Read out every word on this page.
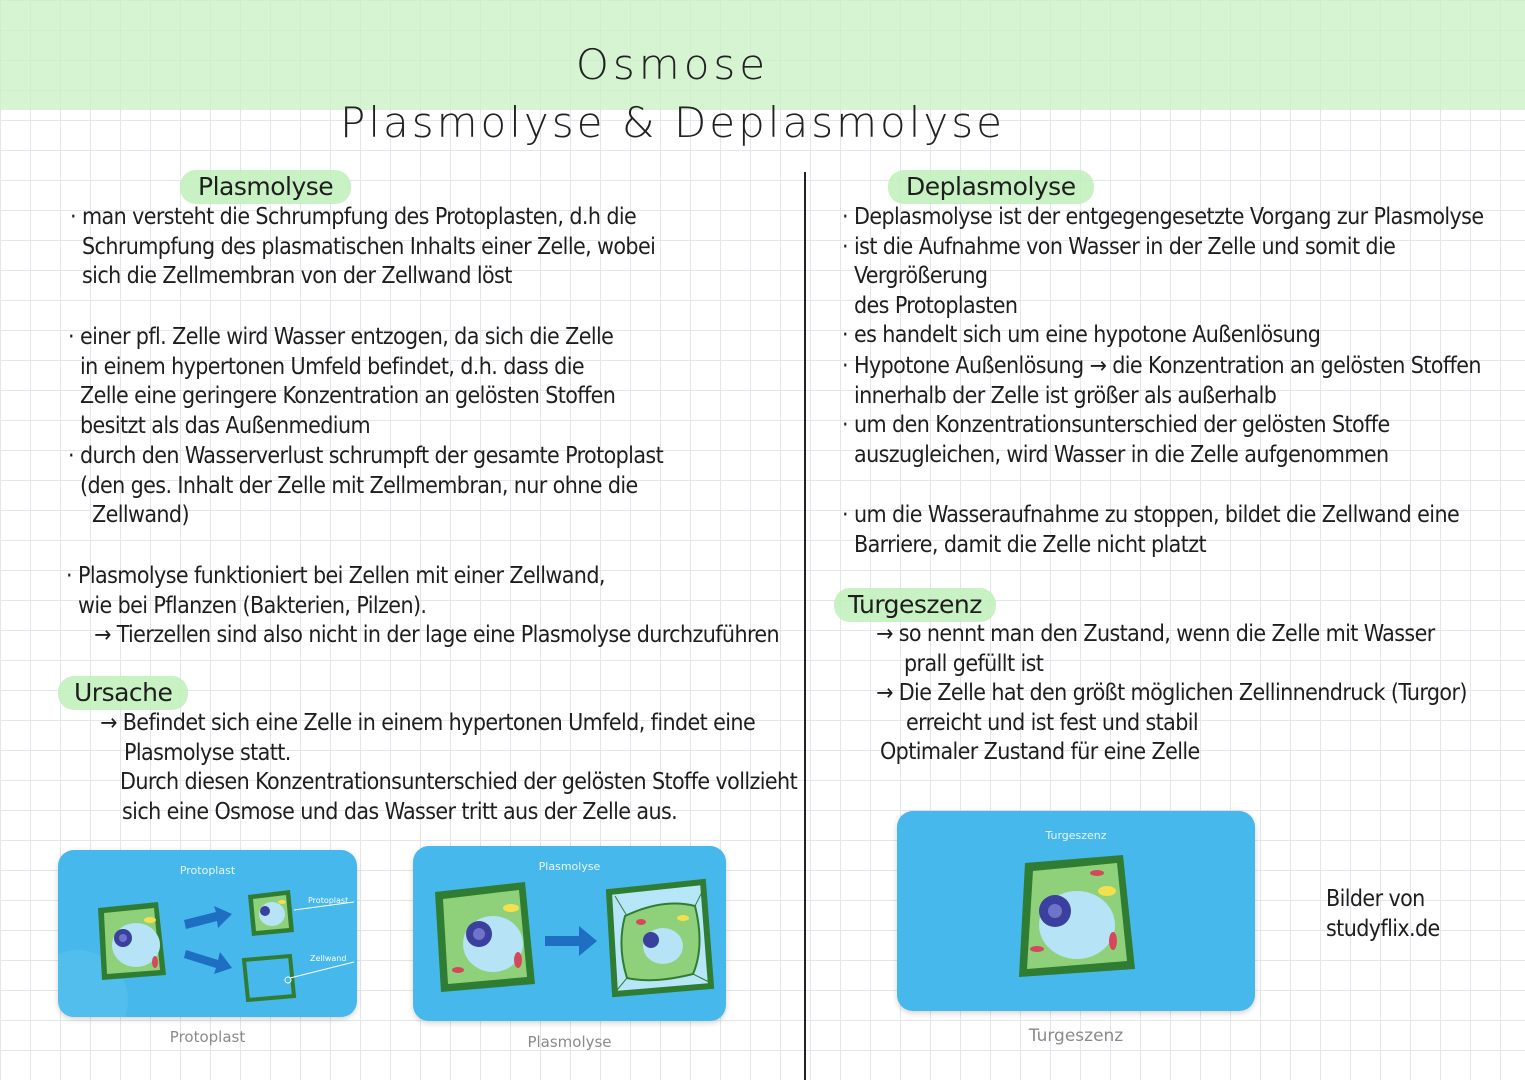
Osmose
Plasmolyse & Deplasmolyse
Plasmolyse

· man versteht die Schrumpfung des Protoplasten, d.h die

Schrumpfung des plasmatischen Inhalts einer Zelle, wobei

sich die Zellmembran von der Zellwand löst

· einer pfl. Zelle wird Wasser entzogen, da sich die Zelle

in einem hypertonen Umfeld befindet, d.h. dass die

Zelle eine geringere Konzentration an gelösten Stoffen

besitzt als das Außenmedium

· durch den Wasserverlust schrumpft der gesamte Protoplast

(den ges. Inhalt der Zelle mit Zellmembran, nur ohne die

Zellwand)

· Plasmolyse funktioniert bei Zellen mit einer Zellwand,

wie bei Pflanzen (Bakterien, Pilzen).

→ Tierzellen sind also nicht in der lage eine Plasmolyse durchzuführen

Ursache

→ Befindet sich eine Zelle in einem hypertonen Umfeld, findet eine

Plasmolyse statt.

Durch diesen Konzentrationsunterschied der gelösten Stoffe vollzieht

sich eine Osmose und das Wasser tritt aus der Zelle aus.

Protoplast
Protoplast
Zellwand
Protoplast
Plasmolyse
Plasmolyse
Deplasmolyse

· Deplasmolyse ist der entgegengesetzte Vorgang zur Plasmolyse

· ist die Aufnahme von Wasser in der Zelle und somit die Vergrößerung

des Protoplasten

· es handelt sich um eine hypotone Außenlösung

· Hypotone Außenlösung → die Konzentration an gelösten Stoffen

innerhalb der Zelle ist größer als außerhalb

· um den Konzentrationsunterschied der gelösten Stoffe

auszugleichen, wird Wasser in die Zelle aufgenommen

· um die Wasseraufnahme zu stoppen, bildet die Zellwand eine

Barriere, damit die Zelle nicht platzt

Turgeszenz

→ so nennt man den Zustand, wenn die Zelle mit Wasser

prall gefüllt ist

→ Die Zelle hat den größt möglichen Zellinnendruck (Turgor)

erreicht und ist fest und stabil

Optimaler Zustand für eine Zelle

Turgeszenz
Turgeszenz

Bilder von

studyflix.de
